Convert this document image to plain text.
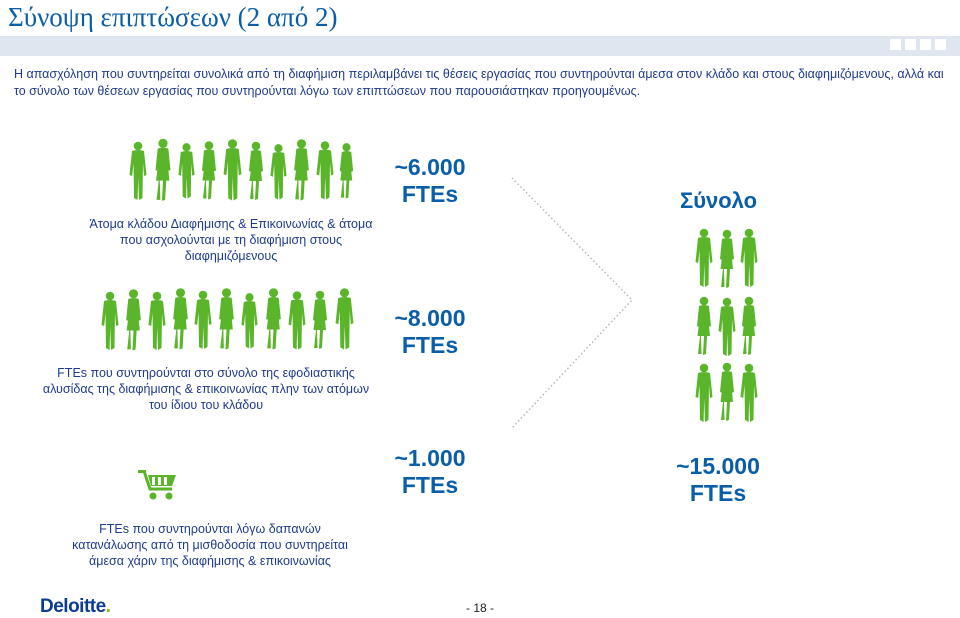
Σύνοψη επιπτώσεων (2 από 2)

Η απασχόληση που συντηρείται συνολικά από τη διαφήμιση περιλαμβάνει τις θέσεις εργασίας που συντηρούνται άμεσα στον κλάδο και στους διαφημιζόμενους, αλλά και το σύνολο των θέσεων εργασίας που συντηρούνται λόγω των επιπτώσεων που παρουσιάστηκαν προηγουμένως.

Άτομα κλάδου Διαφήμισης & Επικοινωνίας & άτομα που ασχολούνται με τη διαφήμιση στους διαφημιζόμενους
~6.000
FTEs
FTEs που συντηρούνται στο σύνολο της εφοδιαστικής αλυσίδας της διαφήμισης & επικοινωνίας πλην των ατόμων του ίδιου του κλάδου
~8.000
FTEs
FTEs που συντηρούνται λόγω δαπανών κατανάλωσης από τη μισθοδοσία που συντηρείται άμεσα χάριν της διαφήμισης & επικοινωνίας
~1.000
FTEs
Σύνολο
~15.000
FTEs
Deloitte.	- 18 -
